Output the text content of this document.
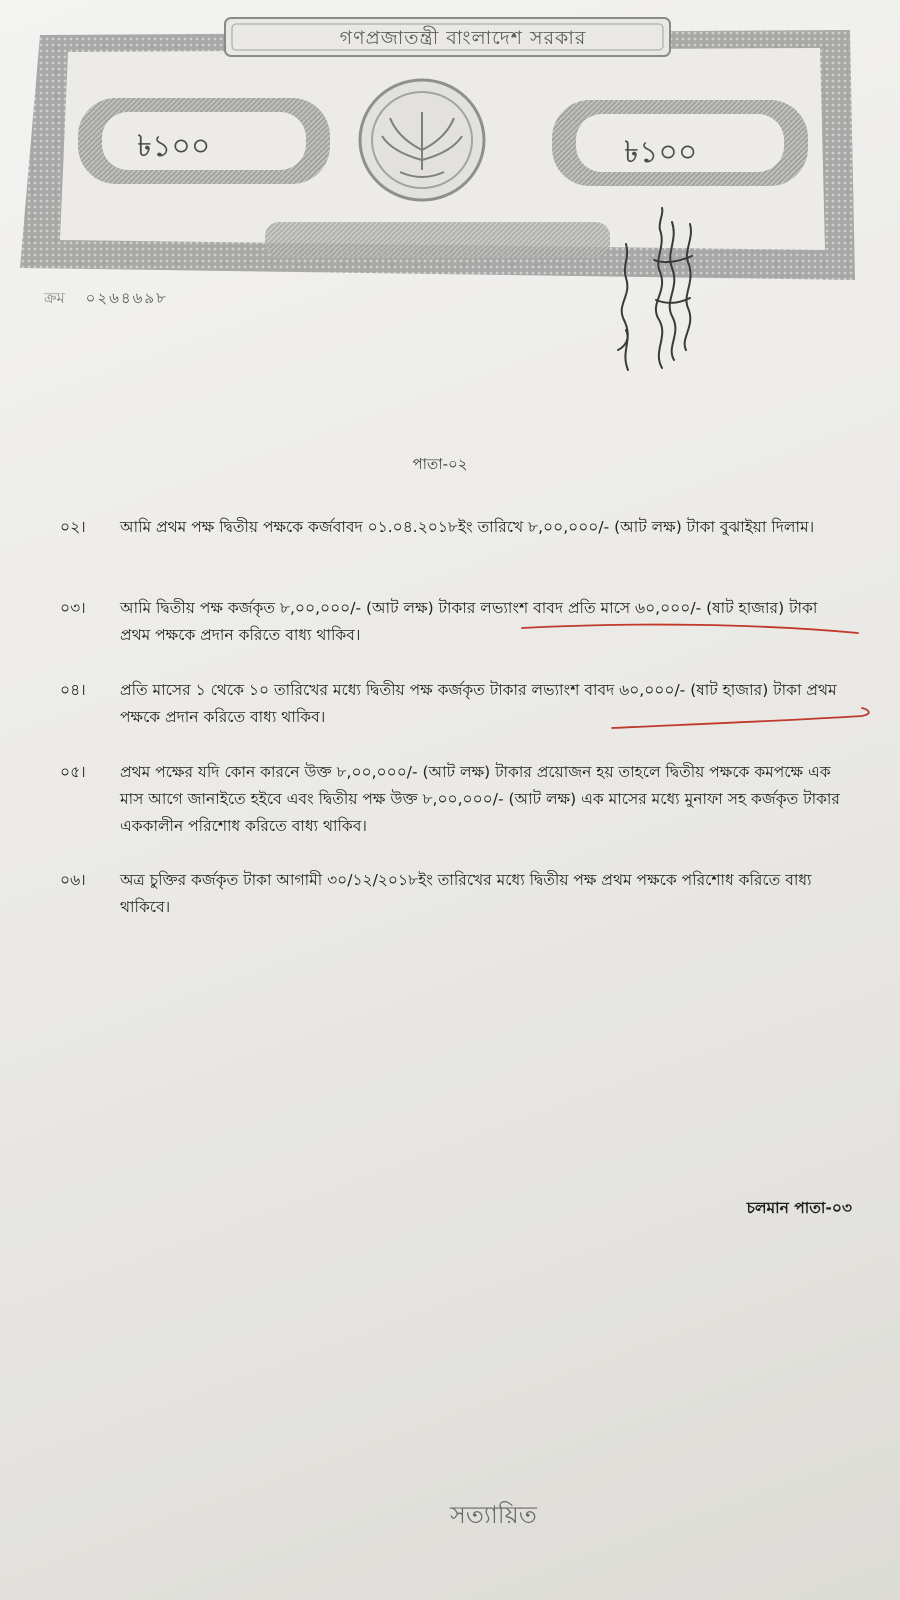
গণপ্রজাতন্ত্রী বাংলাদেশ সরকার
৳১০০	৳১০০
ক্রম ০২৬৪৬৯৮
পাতা-০২
০২।	আমি প্রথম পক্ষ দ্বিতীয় পক্ষকে কর্জবাবদ ০১.০৪.২০১৮ইং তারিখে ৮,০০,০০০/- (আট লক্ষ) টাকা বুঝাইয়া দিলাম।
০৩।	আমি দ্বিতীয় পক্ষ কর্জকৃত ৮,০০,০০০/- (আট লক্ষ) টাকার লভ্যাংশ বাবদ প্রতি মাসে ৬০,০০০/- (ষাট হাজার) টাকা প্রথম পক্ষকে প্রদান করিতে বাধ্য থাকিব।
০৪।	প্রতি মাসের ১ থেকে ১০ তারিখের মধ্যে দ্বিতীয় পক্ষ কর্জকৃত টাকার লভ্যাংশ বাবদ ৬০,০০০/- (ষাট হাজার) টাকা প্রথম পক্ষকে প্রদান করিতে বাধ্য থাকিব।
০৫।	প্রথম পক্ষের যদি কোন কারনে উক্ত ৮,০০,০০০/- (আট লক্ষ) টাকার প্রয়োজন হয় তাহলে দ্বিতীয় পক্ষকে কমপক্ষে এক মাস আগে জানাইতে হইবে এবং দ্বিতীয় পক্ষ উক্ত ৮,০০,০০০/- (আট লক্ষ) এক মাসের মধ্যে মুনাফা সহ কর্জকৃত টাকার এককালীন পরিশোধ করিতে বাধ্য থাকিব।
০৬।	অত্র চুক্তির কর্জকৃত টাকা আগামী ৩০/১২/২০১৮ইং তারিখের মধ্যে দ্বিতীয় পক্ষ প্রথম পক্ষকে পরিশোধ করিতে বাধ্য থাকিবে।
চলমান পাতা-০৩
সত্যায়িত
